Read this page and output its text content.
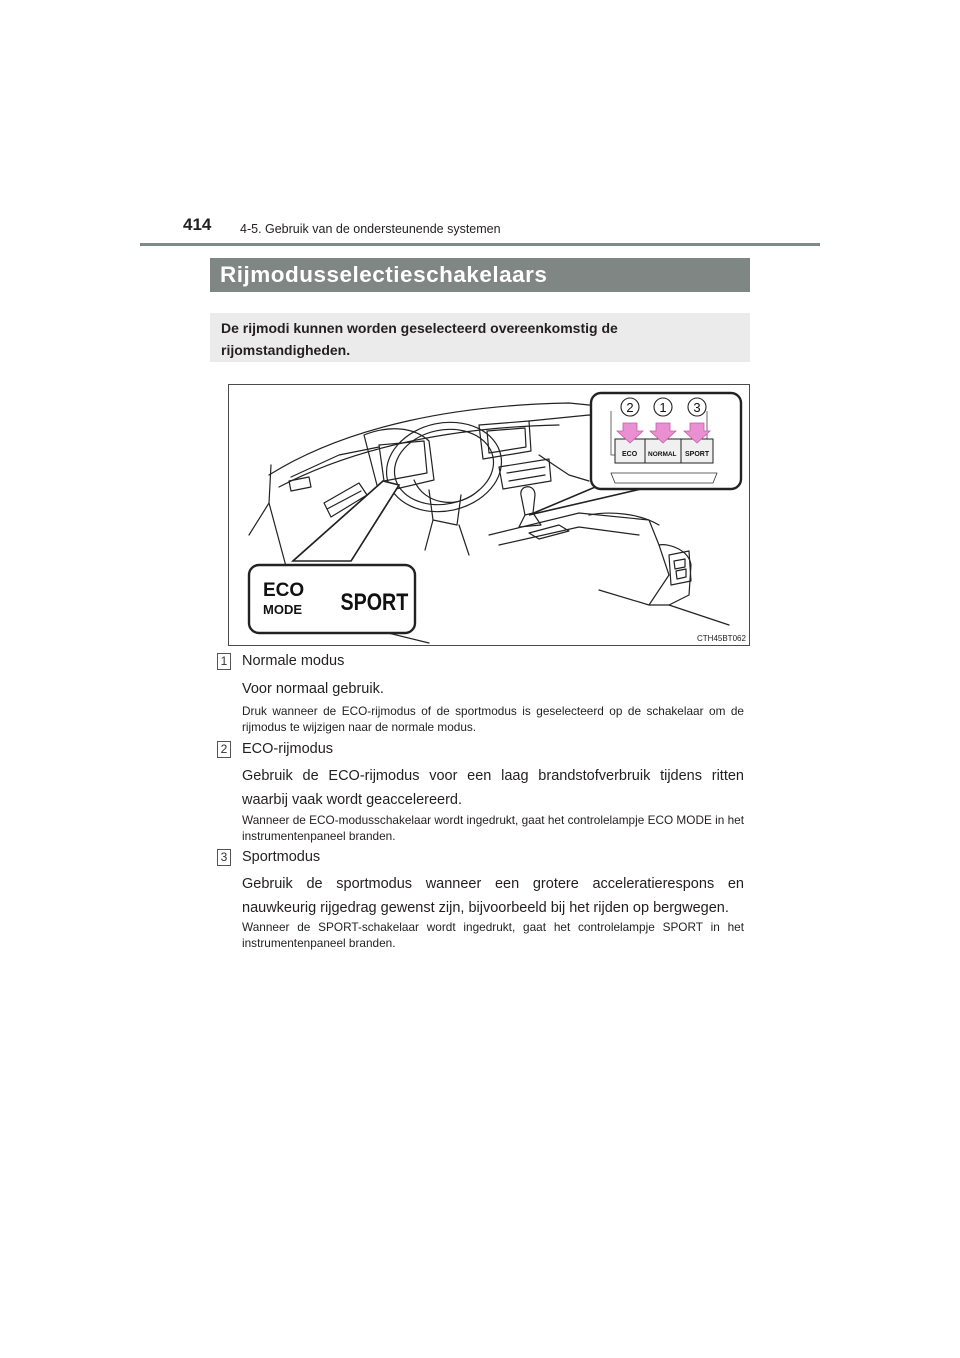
414 4-5. Gebruik van de ondersteunende systemen
Rijmodusselectieschakelaars
De rijmodi kunnen worden geselecteerd overeenkomstig de rijomstandigheden.
ECO
MODE SPORT
ECO NORMAL SPORT
2 1 3
CTH45BT062
1 Normale modus
Voor normaal gebruik.
Druk wanneer de ECO-rijmodus of de sportmodus is geselecteerd op de schakelaar om de rijmodus te wijzigen naar de normale modus.
2 ECO-rijmodus
Gebruik de ECO-rijmodus voor een laag brandstofverbruik tijdens ritten waarbij vaak wordt geaccelereerd.
Wanneer de ECO-modusschakelaar wordt ingedrukt, gaat het controlelampje ECO MODE in het instrumentenpaneel branden.
3 Sportmodus
Gebruik de sportmodus wanneer een grotere acceleratierespons en nauwkeurig rijgedrag gewenst zijn, bijvoorbeeld bij het rijden op bergwegen.
Wanneer de SPORT-schakelaar wordt ingedrukt, gaat het controlelampje SPORT in het instrumentenpaneel branden.
